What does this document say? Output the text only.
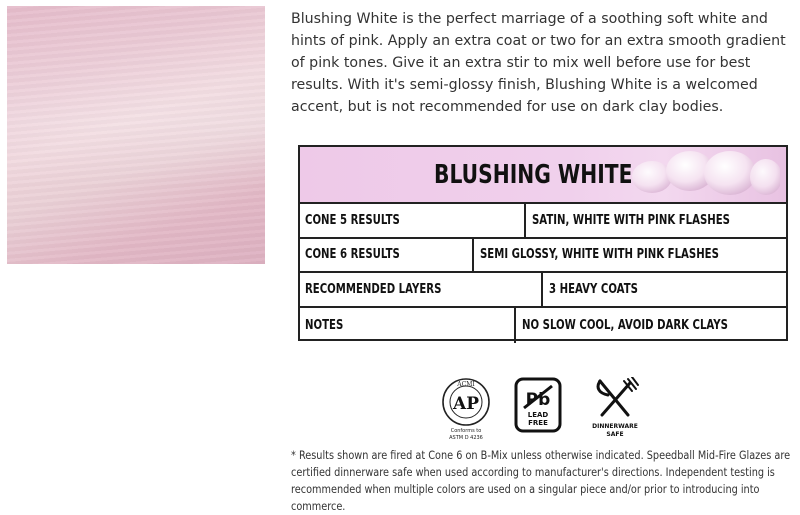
Blushing White is the perfect marriage of a soothing soft white and hints of pink. Apply an extra coat or two for an extra smooth gradient of pink tones. Give it an extra stir to mix well before use for best results. With it's semi-glossy finish, Blushing White is a welcomed accent, but is not recommended for use on dark clay bodies.

BLUSHING WHITE
CONE 5 RESULTS	SATIN, WHITE WITH PINK FLASHES
CONE 6 RESULTS	SEMI GLOSSY, WHITE WITH PINK FLASHES
RECOMMENDED LAYERS	3 HEAVY COATS
NOTES	NO SLOW COOL, AVOID DARK CLAYS
ACMI
AP
Conforms to
ASTM D 4236
Pb
LEAD
FREE	DINNERWARE
SAFE

* Results shown are fired at Cone 6 on B-Mix unless otherwise indicated. Speedball Mid-Fire Glazes are certified dinnerware safe when used according to manufacturer's directions. Independent testing is recommended when multiple colors are used on a singular piece and/or prior to introducing into commerce.
